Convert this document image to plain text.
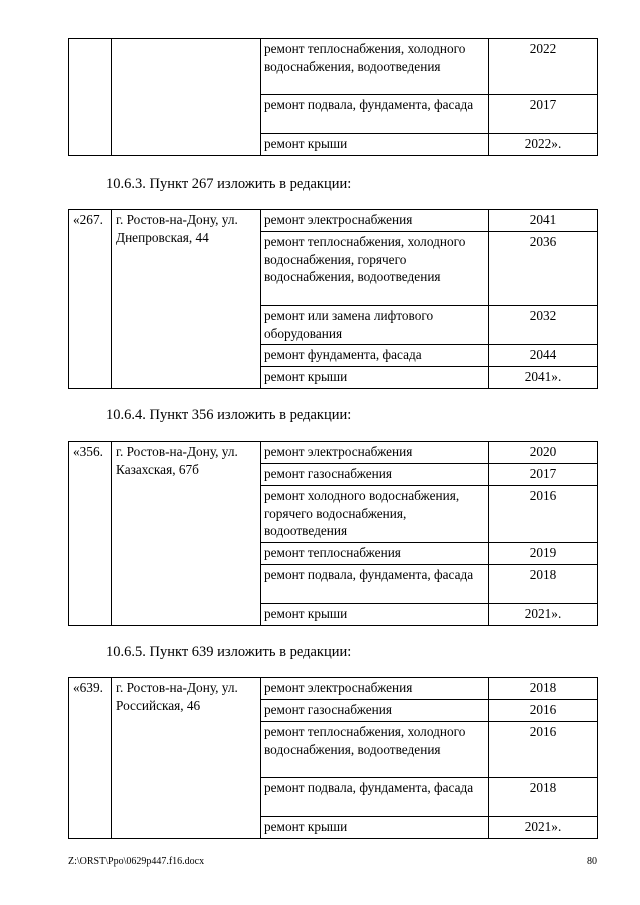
		ремонт теплоснабжения, холодного водоснабжения, водоотведения	2022
		ремонт подвала, фундамента, фасада	2017
		ремонт крыши	2022».
10.6.3. Пункт 267 изложить в редакции:
«267.	г. Ростов-на-Дону, ул. Днепровская, 44	ремонт электроснабжения	2041
		ремонт теплоснабжения, холодного водоснабжения, горячего водоснабжения, водоотведения	2036
		ремонт или замена лифтового оборудования	2032
		ремонт фундамента, фасада	2044
		ремонт крыши	2041».
10.6.4. Пункт 356 изложить в редакции:
«356.	г. Ростов-на-Дону, ул. Казахская, 67б	ремонт электроснабжения	2020
		ремонт газоснабжения	2017
		ремонт холодного водоснабжения, горячего водоснабжения, водоотведения	2016
		ремонт теплоснабжения	2019
		ремонт подвала, фундамента, фасада	2018
		ремонт крыши	2021».
10.6.5. Пункт 639 изложить в редакции:
«639.	г. Ростов-на-Дону, ул. Российская, 46	ремонт электроснабжения	2018
		ремонт газоснабжения	2016
		ремонт теплоснабжения, холодного водоснабжения, водоотведения	2016
		ремонт подвала, фундамента, фасада	2018
		ремонт крыши	2021».
Z:\ORST\Ppo\0629p447.f16.docx	80
